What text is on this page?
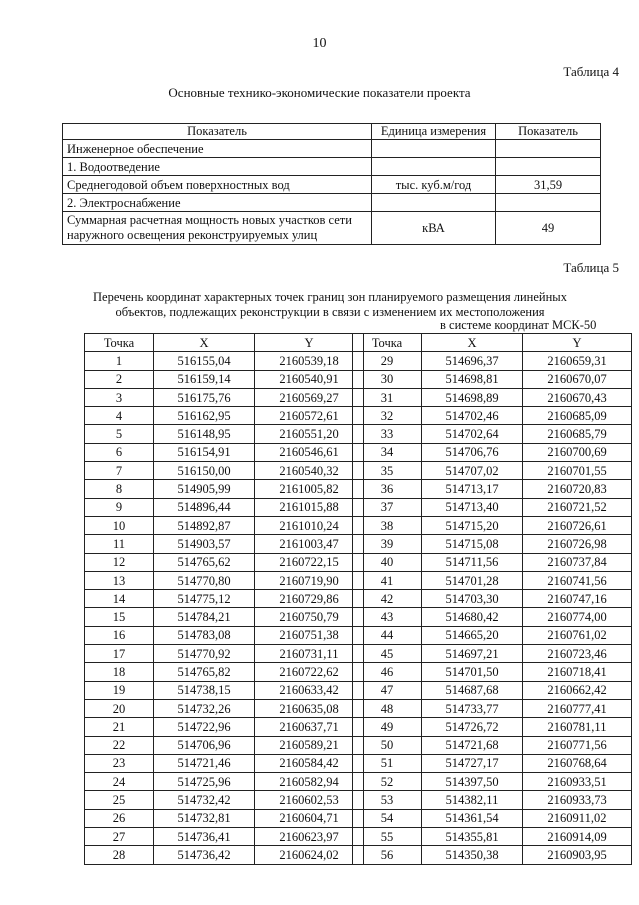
10
Таблица 4
Основные технико-экономические показатели проекта
Показатель	Единица измерения	Показатель
Инженерное обеспечение		
1. Водоотведение		
Среднегодовой объем поверхностных вод	тыс. куб.м/год	31,59
2. Электроснабжение		
Суммарная расчетная мощность новых участков сети наружного освещения реконструируемых улиц	кВА	49
Таблица 5
Перечень координат характерных точек границ зон планируемого размещения линейных
объектов, подлежащих реконструкции в связи с изменением их местоположения
в системе координат МСК-50
Точка	X	Y
1	516155,04	2160539,18
2	516159,14	2160540,91
3	516175,76	2160569,27
4	516162,95	2160572,61
5	516148,95	2160551,20
6	516154,91	2160546,61
7	516150,00	2160540,32
8	514905,99	2161005,82
9	514896,44	2161015,88
10	514892,87	2161010,24
11	514903,57	2161003,47
12	514765,62	2160722,15
13	514770,80	2160719,90
14	514775,12	2160729,86
15	514784,21	2160750,79
16	514783,08	2160751,38
17	514770,92	2160731,11
18	514765,82	2160722,62
19	514738,15	2160633,42
20	514732,26	2160635,08
21	514722,96	2160637,71
22	514706,96	2160589,21
23	514721,46	2160584,42
24	514725,96	2160582,94
25	514732,42	2160602,53
26	514732,81	2160604,71
27	514736,41	2160623,97
28	514736,42	2160624,02
Точка	X	Y
29	514696,37	2160659,31
30	514698,81	2160670,07
31	514698,89	2160670,43
32	514702,46	2160685,09
33	514702,64	2160685,79
34	514706,76	2160700,69
35	514707,02	2160701,55
36	514713,17	2160720,83
37	514713,40	2160721,52
38	514715,20	2160726,61
39	514715,08	2160726,98
40	514711,56	2160737,84
41	514701,28	2160741,56
42	514703,30	2160747,16
43	514680,42	2160774,00
44	514665,20	2160761,02
45	514697,21	2160723,46
46	514701,50	2160718,41
47	514687,68	2160662,42
48	514733,77	2160777,41
49	514726,72	2160781,11
50	514721,68	2160771,56
51	514727,17	2160768,64
52	514397,50	2160933,51
53	514382,11	2160933,73
54	514361,54	2160911,02
55	514355,81	2160914,09
56	514350,38	2160903,95
